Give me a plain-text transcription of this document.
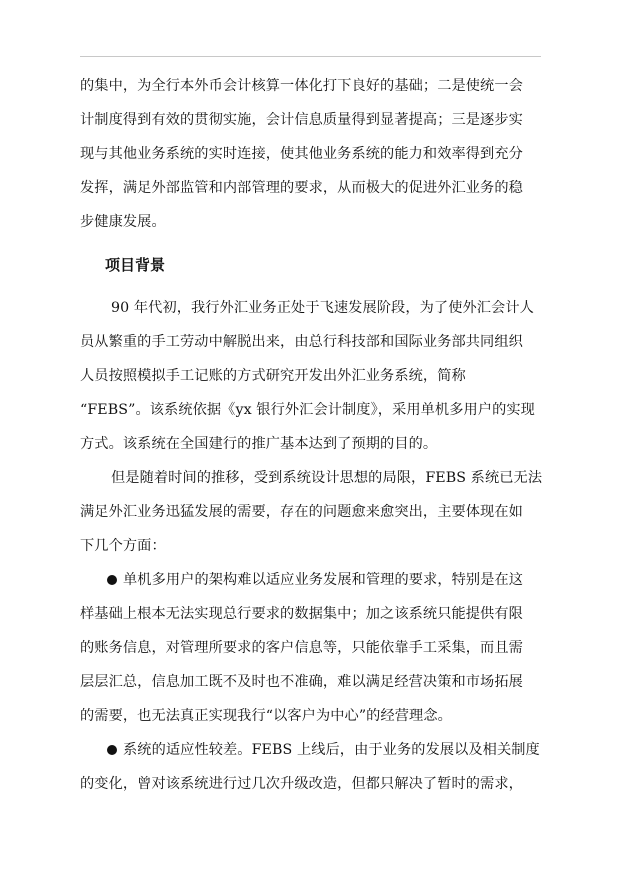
的集中，为全行本外币会计核算一体化打下良好的基础；二是使统一会
计制度得到有效的贯彻实施，会计信息质量得到显著提高；三是逐步实
现与其他业务系统的实时连接，使其他业务系统的能力和效率得到充分
发挥，满足外部监管和内部管理的要求，从而极大的促进外汇业务的稳
步健康发展。
项目背景
90 年代初，我行外汇业务正处于飞速发展阶段，为了使外汇会计人
员从繁重的手工劳动中解脱出来，由总行科技部和国际业务部共同组织
人员按照模拟手工记账的方式研究开发出外汇业务系统，简称
“FEBS”。该系统依据《yx 银行外汇会计制度》，采用单机多用户的实现
方式。该系统在全国建行的推广基本达到了预期的目的。
但是随着时间的推移，受到系统设计思想的局限，FEBS 系统已无法
满足外汇业务迅猛发展的需要，存在的问题愈来愈突出，主要体现在如
下几个方面：
单机多用户的架构难以适应业务发展和管理的要求，特别是在这
样基础上根本无法实现总行要求的数据集中；加之该系统只能提供有限
的账务信息，对管理所要求的客户信息等，只能依靠手工采集，而且需
层层汇总，信息加工既不及时也不准确，难以满足经营决策和市场拓展
的需要，也无法真正实现我行“以客户为中心”的经营理念。
系统的适应性较差。FEBS 上线后，由于业务的发展以及相关制度
的变化，曾对该系统进行过几次升级改造，但都只解决了暂时的需求，
